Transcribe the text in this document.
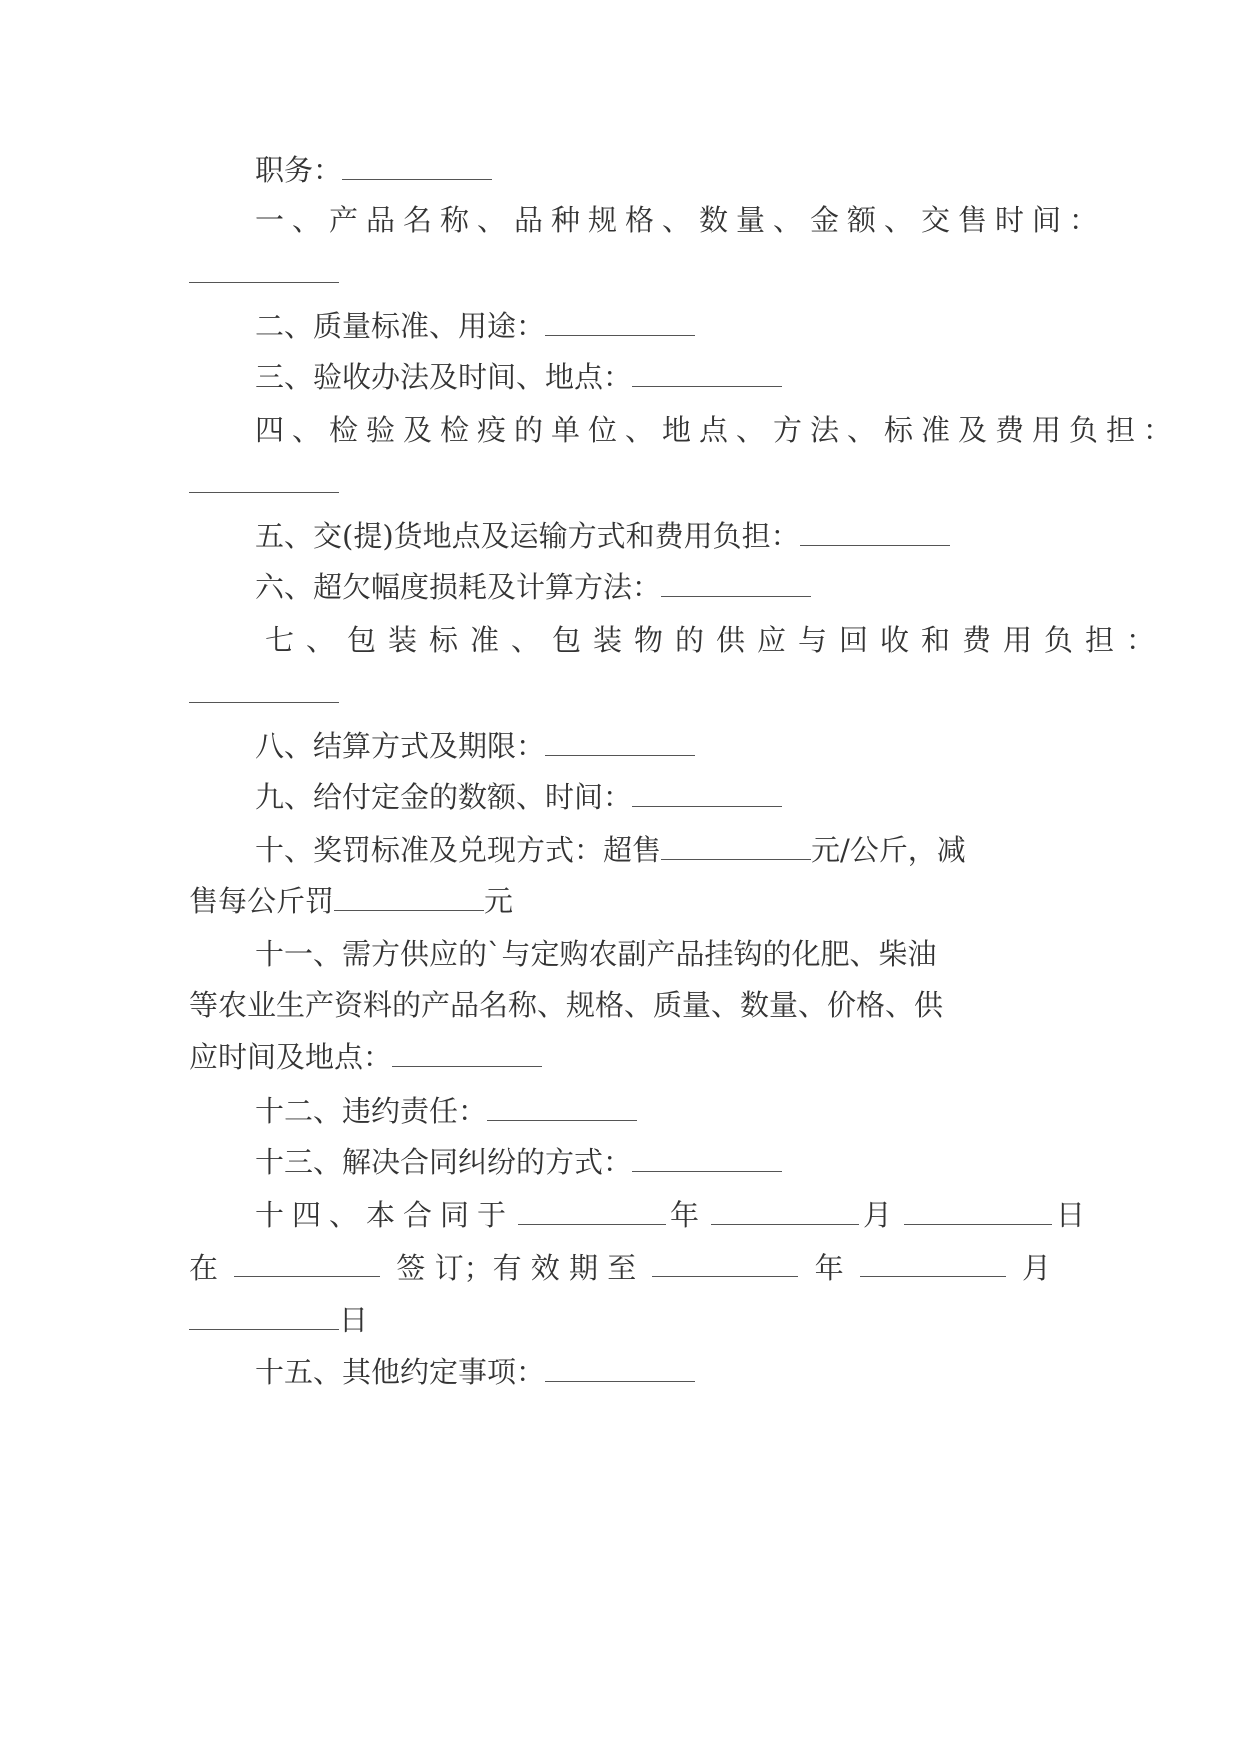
职务：
一、产品名称、品种规格、数量、金额、交售时间：
二、质量标准、用途：
三、验收办法及时间、地点：
四、检验及检疫的单位、地点、方法、标准及费用负担：
五、交(提)货地点及运输方式和费用负担：
六、超欠幅度损耗及计算方法：
七、包装标准、包装物的供应与回收和费用负担：
八、结算方式及期限：
九、给付定金的数额、时间：
十、奖罚标准及兑现方式：超售	元/公斤，减
售每公斤罚	元
十一、需方供应的`与定购农副产品挂钩的化肥、柴油
等农业生产资料的产品名称、规格、质量、数量、价格、供
应时间及地点：
十二、违约责任：
十三、解决合同纠纷的方式：
十四、本合同于	年	月	日
在	签 订；有 效 期 至	年	月
日
十五、其他约定事项：
